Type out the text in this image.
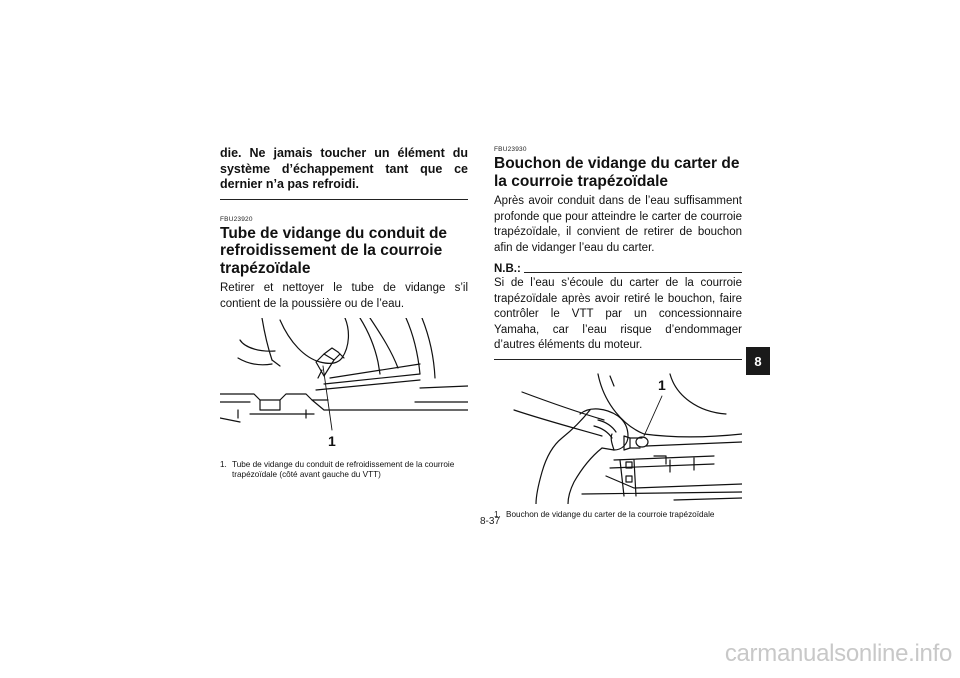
die. Ne jamais toucher un élément du système d’échappement tant que ce dernier n’a pas refroidi.

FBU23920
Tube de vidange du conduit de refroidissement de la courroie trapézoïdale

Retirer et nettoyer le tube de vidange s’il contient de la poussière ou de l’eau.

1
1. Tube de vidange du conduit de refroidissement de la courroie trapézoïdale (côté avant gauche du VTT)
FBU23930
Bouchon de vidange du carter de la courroie trapézoïdale

Après avoir conduit dans de l’eau suffisamment profonde que pour atteindre le carter de courroie trapézoïdale, il convient de retirer de bouchon afin de vidanger l’eau du carter.

N.B.:

Si de l’eau s’écoule du carter de la courroie trapézoïdale après avoir retiré le bouchon, faire contrôler le VTT par un concessionnaire Yamaha, car l’eau risque d’endommager d’autres éléments du moteur.

1
1. Bouchon de vidange du carter de la courroie trapézoïdale
8
8-37
carmanualsonline.info
